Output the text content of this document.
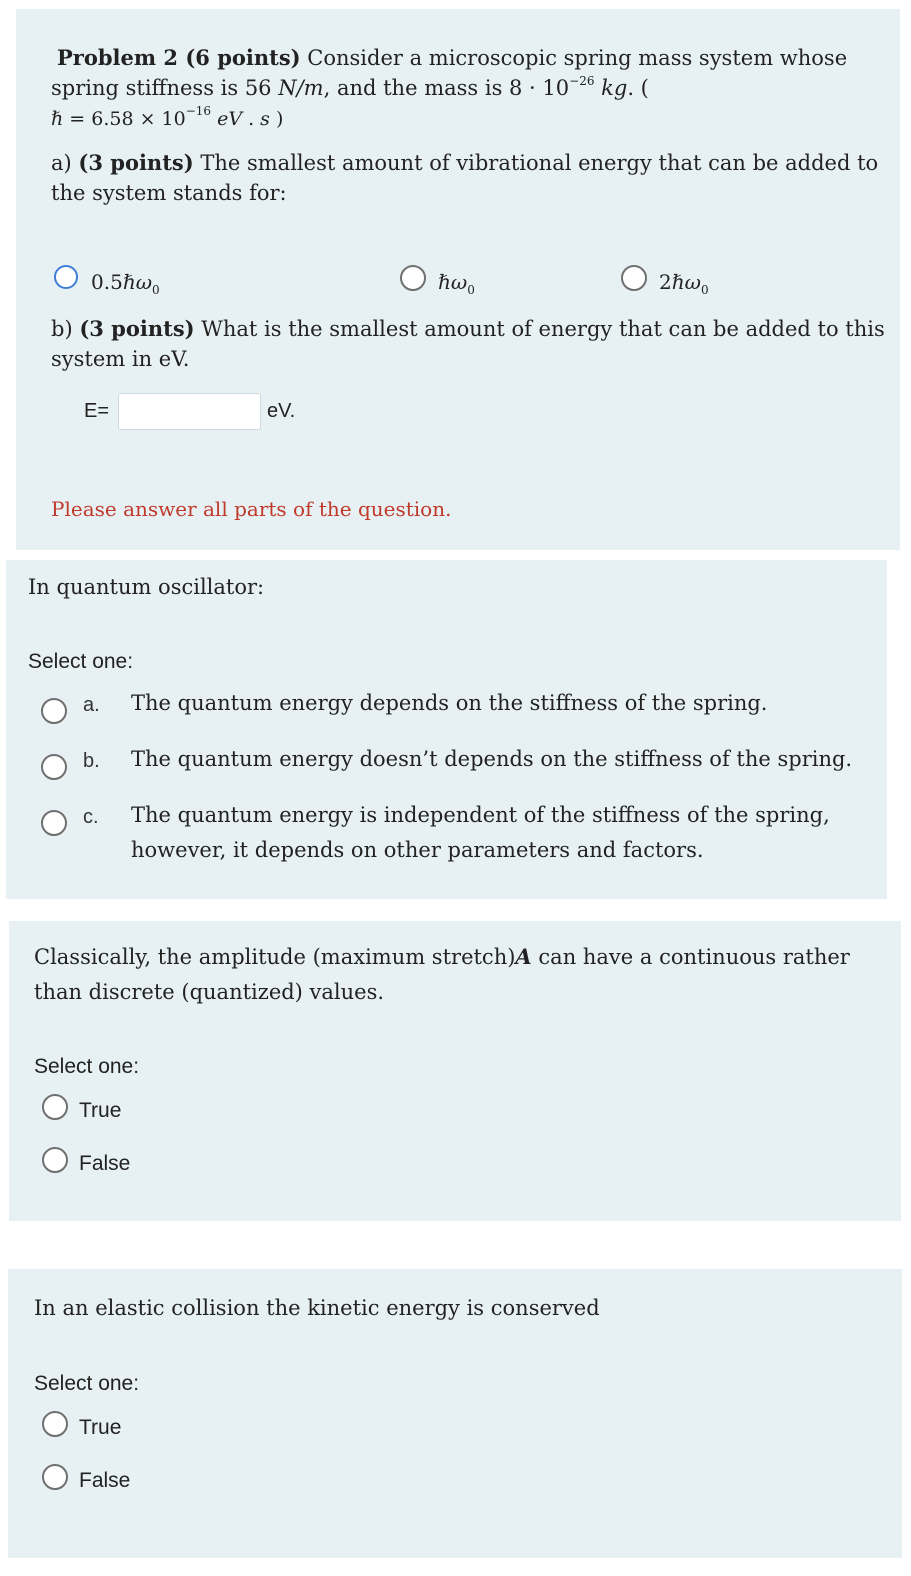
Problem 2 (6 points) Consider a microscopic spring mass system whose
spring stiffness is 56 N/m, and the mass is $8 \cdot 10^{-26}$ kg. (
ℏ = $6.58 \times 10^{-16}$ eV . s )
a) (3 points) The smallest amount of vibrational energy that can be added to
the system stands for:
0.5ℏω$_0$	ℏω$_0$	2ℏω$_0$
b) (3 points) What is the smallest amount of energy that can be added to this
system in eV.
E=	eV.
Please answer all parts of the question.
In quantum oscillator:
Select one:
a. The quantum energy depends on the stiffness of the spring.
b. The quantum energy doesn’t depends on the stiffness of the spring.
c. The quantum energy is independent of the stiffness of the spring,
however, it depends on other parameters and factors.
Classically, the amplitude (maximum stretch)A can have a continuous rather
than discrete (quantized) values.
Select one:
True
False
In an elastic collision the kinetic energy is conserved
Select one:
True
False
